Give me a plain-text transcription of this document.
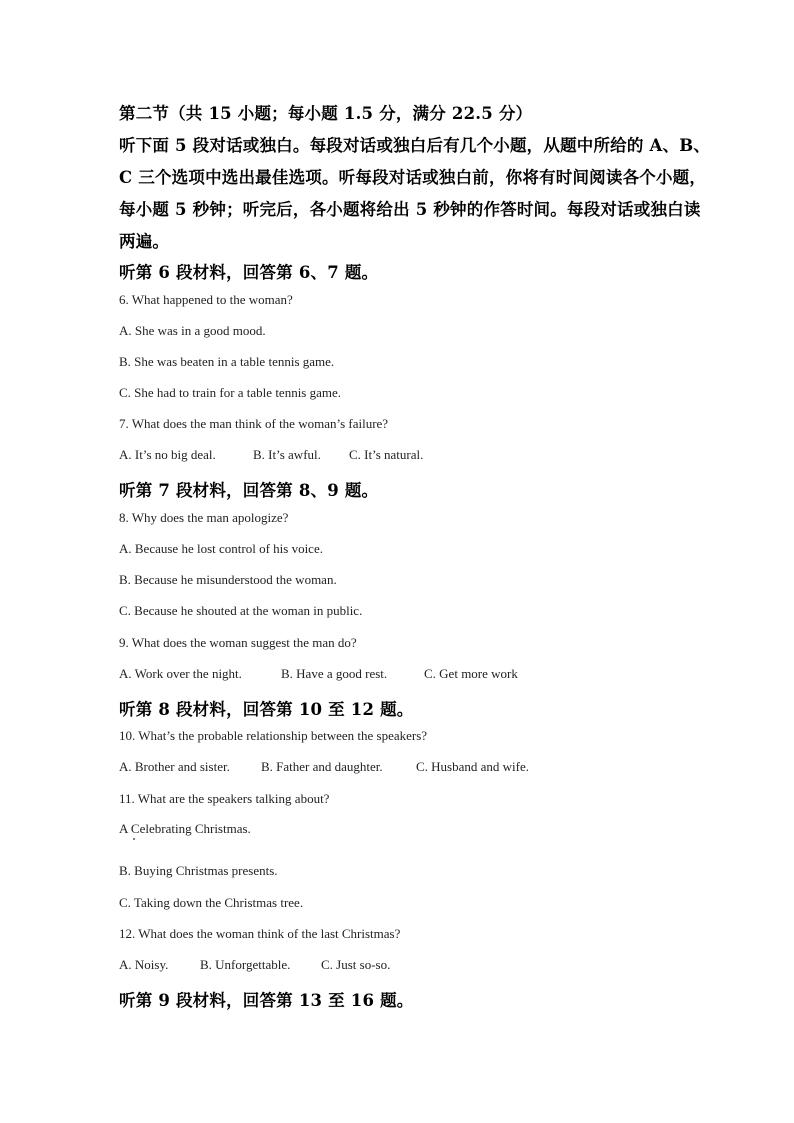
第二节（共 15 小题；每小题 1.5 分，满分 22.5 分）
听下面 5 段对话或独白。每段对话或独白后有几个小题，从题中所给的 A、B、
C 三个选项中选出最佳选项。听每段对话或独白前，你将有时间阅读各个小题，
每小题 5 秒钟；听完后，各小题将给出 5 秒钟的作答时间。每段对话或独白读
两遍。
听第 6 段材料，回答第 6、7 题。
6. What happened to the woman?
A. She was in a good mood.
B. She was beaten in a table tennis game.
C. She had to train for a table tennis game.
7. What does the man think of the woman’s failure?
A. It’s no big deal.	B. It’s awful. C. It’s natural.
听第 7 段材料，回答第 8、9 题。
8. Why does the man apologize?
A. Because he lost control of his voice.
B. Because he misunderstood the woman.
C. Because he shouted at the woman in public.
9. What does the woman suggest the man do?
A. Work over the night.	B. Have a good rest.	C. Get more work
听第 8 段材料，回答第 10 至 12 题。
10. What’s the probable relationship between the speakers?
A. Brother and sister. B. Father and daughter.	C. Husband and wife.
11. What are the speakers talking about?
A Celebrating Christmas.
B. Buying Christmas presents.
C. Taking down the Christmas tree.
12. What does the woman think of the last Christmas?
A. Noisy. B. Unforgettable. C. Just so-so.
听第 9 段材料，回答第 13 至 16 题。
